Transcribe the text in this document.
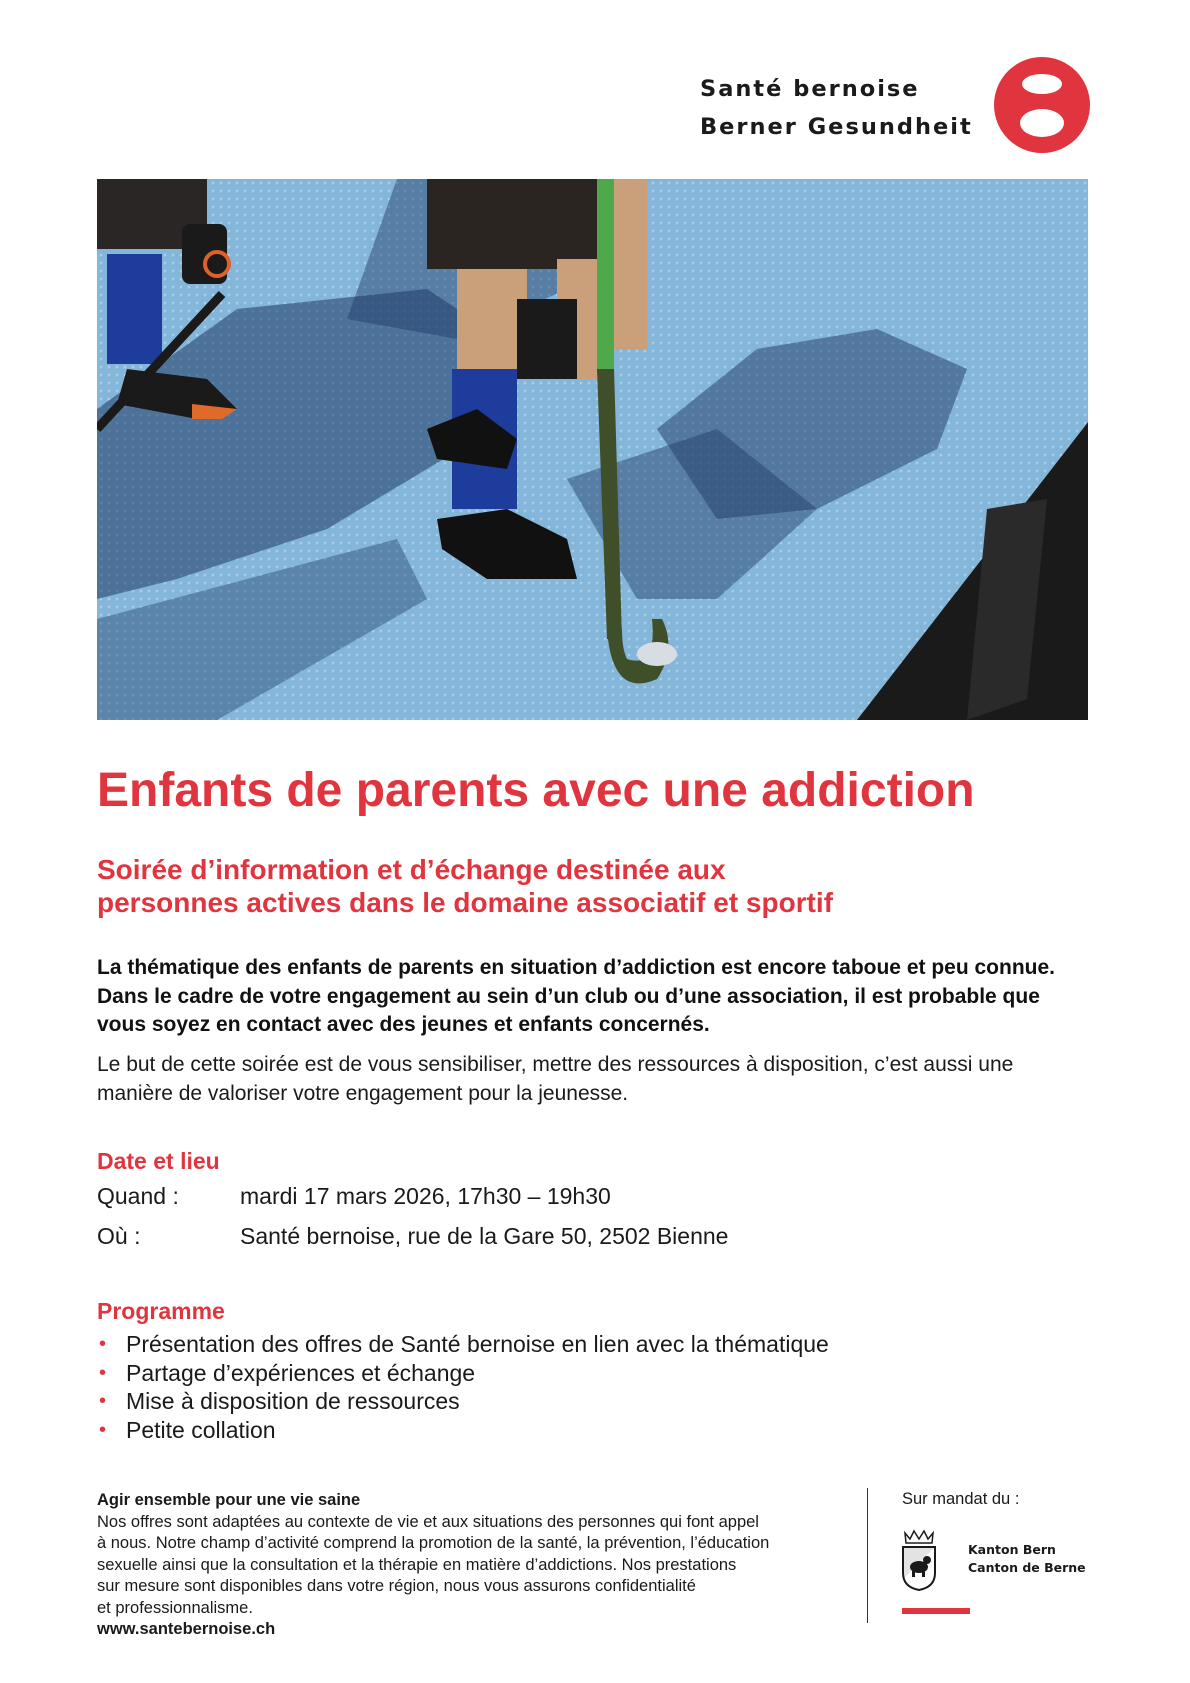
Santé bernoise
Berner Gesundheit
Enfants de parents avec une addiction
Soirée d’information et d’échange destinée aux
personnes actives dans le domaine associatif et sportif

La thématique des enfants de parents en situation d’addiction est encore taboue et peu connue. Dans le cadre de votre engagement au sein d’un club ou d’une association, il est probable que vous soyez en contact avec des jeunes et enfants concernés.

Le but de cette soirée est de vous sensibiliser, mettre des ressources à disposition, c’est aussi une manière de valoriser votre engagement pour la jeunesse.

Date et lieu
Quand :	mardi 17 mars 2026, 17h30 – 19h30
Où :	Santé bernoise, rue de la Gare 50, 2502 Bienne
Programme
• Présentation des offres de Santé bernoise en lien avec la thématique
• Partage d’expériences et échange
• Mise à disposition de ressources
• Petite collation
Agir ensemble pour une vie saine
Nos offres sont adaptées au contexte de vie et aux situations des personnes qui font appel
à nous. Notre champ d’activité comprend la promotion de la santé, la prévention, l’éducation
sexuelle ainsi que la consultation et la thérapie en matière d’addictions. Nos prestations
sur mesure sont disponibles dans votre région, nous vous assurons confidentialité
et professionnalisme.
www.santebernoise.ch
Sur mandat du :
Kanton Bern
Canton de Berne
